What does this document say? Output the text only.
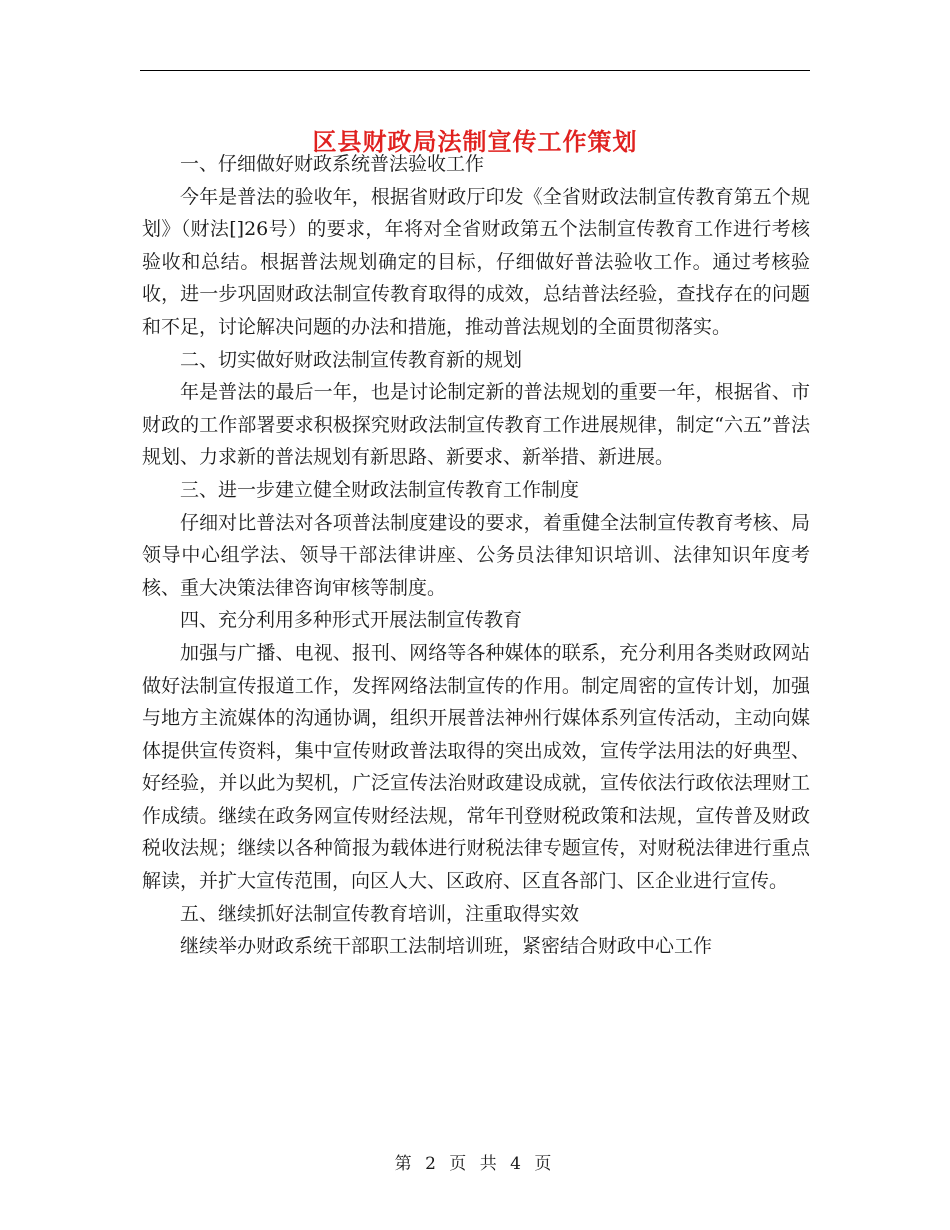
区县财政局法制宣传工作策划

一、仔细做好财政系统普法验收工作

今年是普法的验收年，根据省财政厅印发《全省财政法制宣传教育第五个规划》（财法[]26号）的要求，年将对全省财政第五个法制宣传教育工作进行考核验收和总结。根据普法规划确定的目标，仔细做好普法验收工作。通过考核验收，进一步巩固财政法制宣传教育取得的成效，总结普法经验，查找存在的问题和不足，讨论解决问题的办法和措施，推动普法规划的全面贯彻落实。

二、切实做好财政法制宣传教育新的规划

年是普法的最后一年，也是讨论制定新的普法规划的重要一年，根据省、市财政的工作部署要求积极探究财政法制宣传教育工作进展规律，制定“六五”普法规划、力求新的普法规划有新思路、新要求、新举措、新进展。

三、进一步建立健全财政法制宣传教育工作制度

仔细对比普法对各项普法制度建设的要求，着重健全法制宣传教育考核、局领导中心组学法、领导干部法律讲座、公务员法律知识培训、法律知识年度考核、重大决策法律咨询审核等制度。

四、充分利用多种形式开展法制宣传教育

加强与广播、电视、报刊、网络等各种媒体的联系，充分利用各类财政网站做好法制宣传报道工作，发挥网络法制宣传的作用。制定周密的宣传计划，加强与地方主流媒体的沟通协调，组织开展普法神州行媒体系列宣传活动，主动向媒体提供宣传资料，集中宣传财政普法取得的突出成效，宣传学法用法的好典型、好经验，并以此为契机，广泛宣传法治财政建设成就，宣传依法行政依法理财工作成绩。继续在政务网宣传财经法规，常年刊登财税政策和法规，宣传普及财政税收法规；继续以各种简报为载体进行财税法律专题宣传，对财税法律进行重点解读，并扩大宣传范围，向区人大、区政府、区直各部门、区企业进行宣传。

五、继续抓好法制宣传教育培训，注重取得实效

继续举办财政系统干部职工法制培训班，紧密结合财政中心工作

第 2 页 共 4 页
